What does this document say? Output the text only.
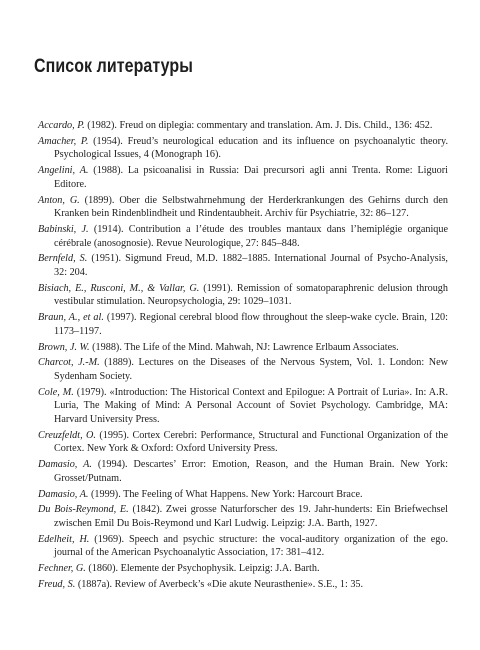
Список литературы
Accardo, P. (1982). Freud on diplegia: commentary and translation. Am. J. Dis. Child., 136: 452.
Amacher, P. (1954). Freud’s neurological education and its influence on psychoanalytic theory. Psychological Issues, 4 (Monograph 16).
Angelini, A. (1988). La psicoanalisi in Russia: Dai precursori agli anni Trenta. Rome: Liguori Editore.
Anton, G. (1899). Ober die Selbstwahrnehmung der Herderkrankungen des Gehirns durch den Kranken bein Rindenblindheit und Rindentaubheit. Archiv für Psychiatrie, 32: 86–127.
Babinski, J. (1914). Contribution a l’étude des troubles mantaux dans l’hemiplégie organique cérébrale (anosognosie). Revue Neurologique, 27: 845–848.
Bernfeld, S. (1951). Sigmund Freud, M.D. 1882–1885. International Journal of Psycho-Analysis, 32: 204.
Bisiach, E., Rusconi, M., & Vallar, G. (1991). Remission of somatoparaphrenic delusion through vestibular stimulation. Neuropsychologia, 29: 1029–1031.
Braun, A., et al. (1997). Regional cerebral blood flow throughout the sleep-wake cycle. Brain, 120: 1173–1197.
Brown, J. W. (1988). The Life of the Mind. Mahwah, NJ: Lawrence Erlbaum Associates.
Charcot, J.-M. (1889). Lectures on the Diseases of the Nervous System, Vol. 1. London: New Sydenham Society.
Cole, M. (1979). «Introduction: The Historical Context and Epilogue: A Portrait of Luria». In: A.R. Luria, The Making of Mind: A Personal Account of Soviet Psychology. Cambridge, MA: Harvard University Press.
Creuzfeldt, O. (1995). Cortex Cerebri: Performance, Structural and Functional Organization of the Cortex. New York & Oxford: Oxford University Press.
Damasio, A. (1994). Descartes’ Error: Emotion, Reason, and the Human Brain. New York: Grosset/Putnam.
Damasio, A. (1999). The Feeling of What Happens. New York: Harcourt Brace.
Du Bois-Reymond, E. (1842). Zwei grosse Naturforscher des 19. Jahr-hunderts: Ein Briefwechsel zwischen Emil Du Bois-Reymond und Karl Ludwig. Leipzig: J.A. Barth, 1927.
Edelheit, H. (1969). Speech and psychic structure: the vocal-auditory organization of the ego. journal of the American Psychoanalytic Association, 17: 381–412.
Fechner, G. (1860). Elemente der Psychophysik. Leipzig: J.A. Barth.
Freud, S. (1887a). Review of Averbeck’s «Die akute Neurasthenie». S.E., 1: 35.
